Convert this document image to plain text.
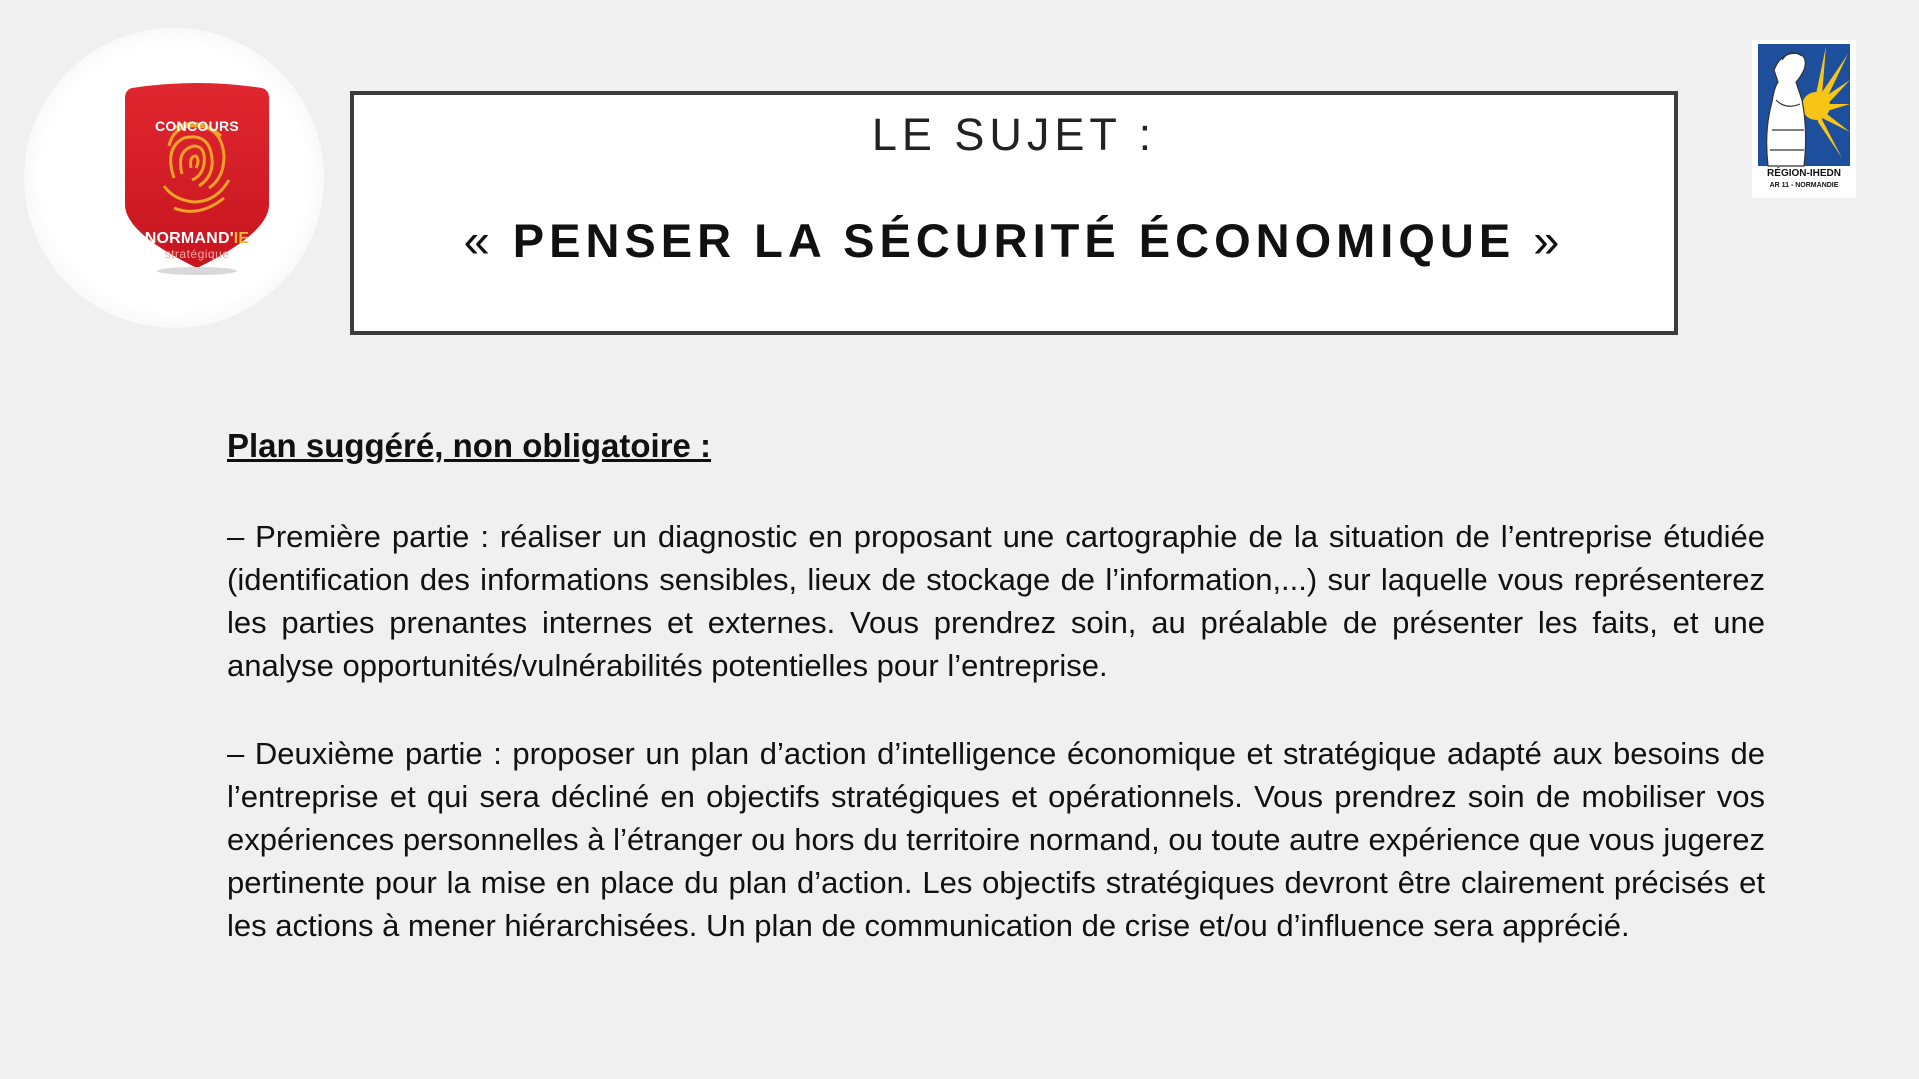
CONCOURS
NORMAND'IE
stratégique
RÉGION-IHEDN
AR 11 - NORMANDIE
LE SUJET :
« PENSER LA SÉCURITÉ ÉCONOMIQUE »
Plan suggéré, non obligatoire :
– Première partie : réaliser un diagnostic en proposant une cartographie de la situation de l’entreprise étudiée (identification des informations sensibles, lieux de stockage de l’information,...) sur laquelle vous représenterez les parties prenantes internes et externes. Vous prendrez soin, au préalable de présenter les faits, et une analyse opportunités/vulnérabilités potentielles pour l’entreprise.
– Deuxième partie : proposer un plan d’action d’intelligence économique et stratégique adapté aux besoins de l’entreprise et qui sera décliné en objectifs stratégiques et opérationnels. Vous prendrez soin de mobiliser vos expériences personnelles à l’étranger ou hors du territoire normand, ou toute autre expérience que vous jugerez pertinente pour la mise en place du plan d’action. Les objectifs stratégiques devront être clairement précisés et les actions à mener hiérarchisées. Un plan de communication de crise et/ou d’influence sera apprécié.
